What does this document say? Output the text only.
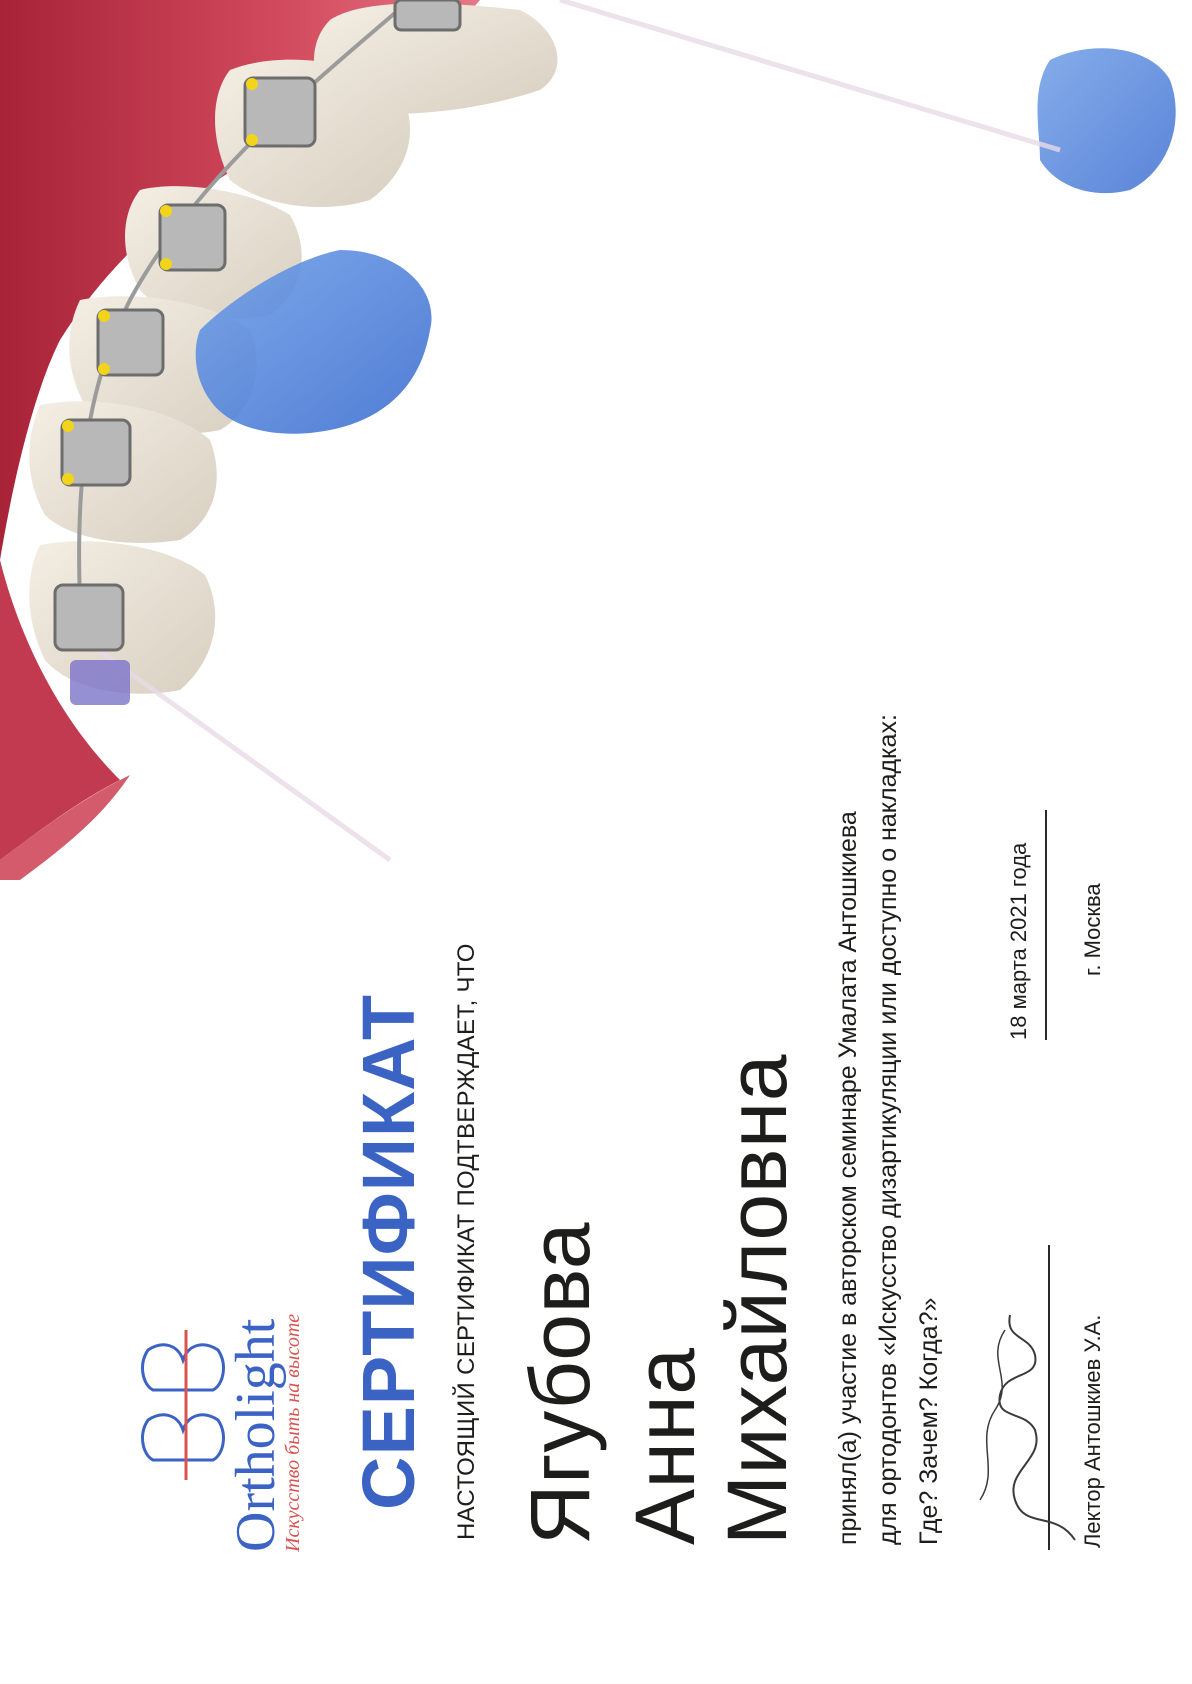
Ortholight
Искусство быть на высоте СЕРТИФИКАТ НАСТОЯЩИЙ СЕРТИФИКАТ ПОДТВЕРЖДАЕТ, ЧТО Ягубова Анна
Михайловна принял(а) участие в авторском семинаре Умалата Антошкиева для ортодонтов «Искусство дизартикуляции или доступно о накладках: Где? Зачем? Когда?»
18 марта 2021 года г. Москва
Лектор Антошкиев У.А.
